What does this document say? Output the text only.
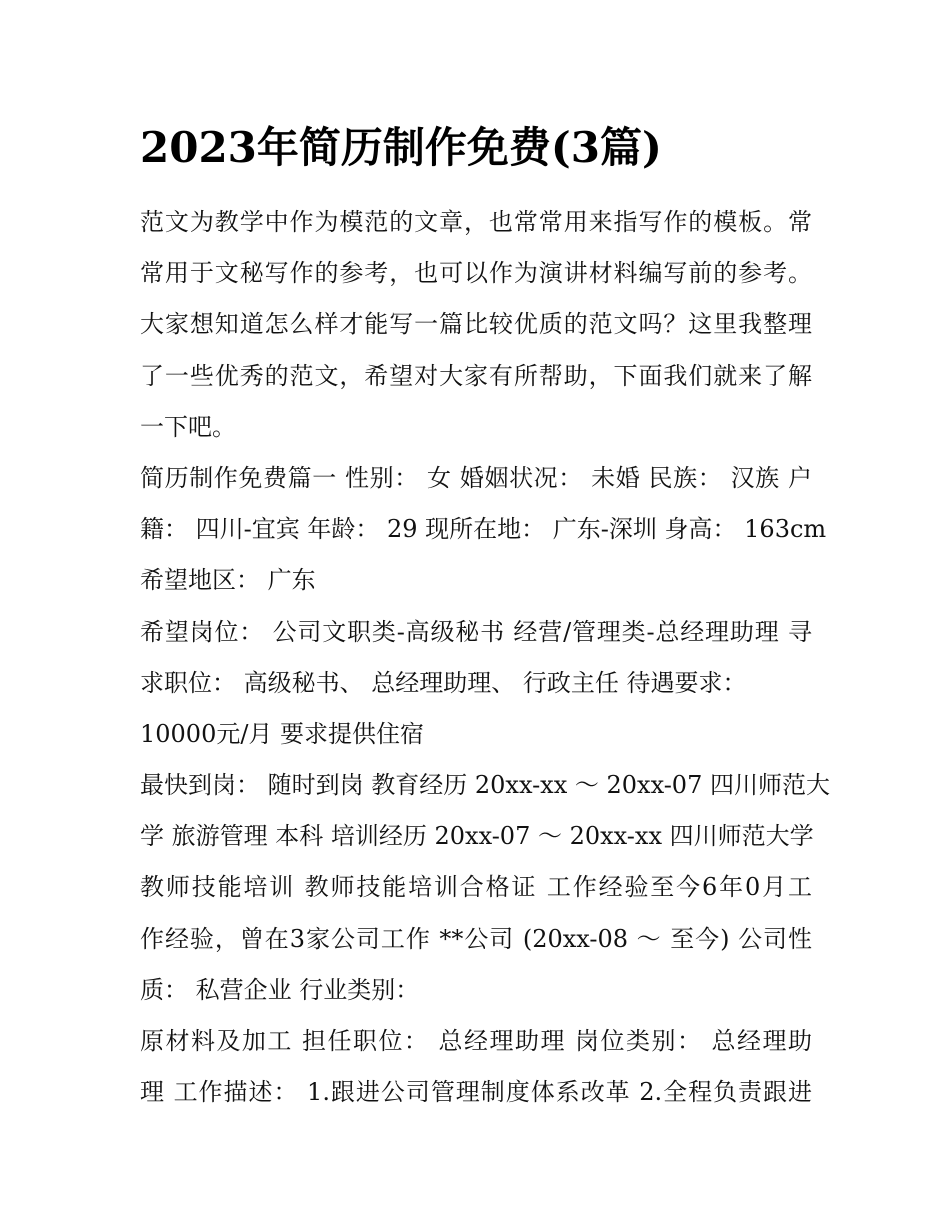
2023年简历制作免费(3篇)

范文为教学中作为模范的文章，也常常用来指写作的模板。常
常用于文秘写作的参考，也可以作为演讲材料编写前的参考。
大家想知道怎么样才能写一篇比较优质的范文吗？这里我整理
了一些优秀的范文，希望对大家有所帮助，下面我们就来了解
一下吧。

简历制作免费篇一 性别： 女 婚姻状况： 未婚 民族： 汉族 户
籍： 四川-宜宾 年龄： 29 现所在地： 广东-深圳 身高： 163cm
希望地区： 广东

希望岗位： 公司文职类-高级秘书 经营/管理类-总经理助理 寻
求职位： 高级秘书、 总经理助理、 行政主任 待遇要求：
10000元/月 要求提供住宿

最快到岗： 随时到岗 教育经历 20xx-xx ～ 20xx-07 四川师范大
学 旅游管理 本科 培训经历 20xx-07 ～ 20xx-xx 四川师范大学
教师技能培训 教师技能培训合格证 工作经验至今6年0月工
作经验，曾在3家公司工作 **公司 (20xx-08 ～ 至今) 公司性
质： 私营企业 行业类别：

原材料及加工 担任职位： 总经理助理 岗位类别： 总经理助
理 工作描述： 1.跟进公司管理制度体系改革 2.全程负责跟进
